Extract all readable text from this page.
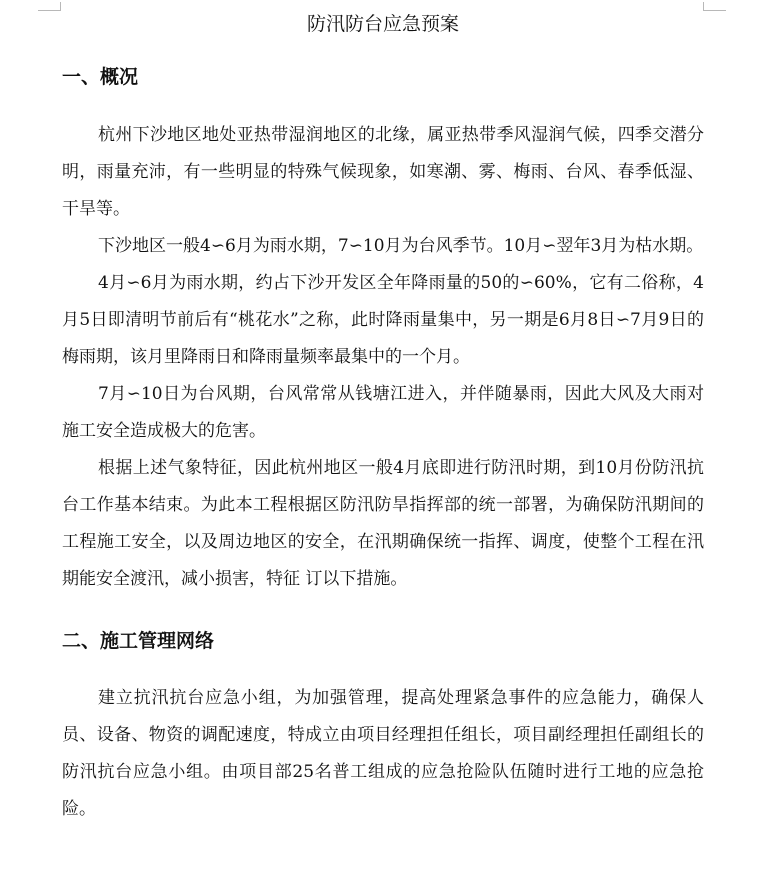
防汛防台应急预案
一、概况

杭州下沙地区地处亚热带湿润地区的北缘，属亚热带季风湿润气候，四季交潜分明，雨量充沛，有一些明显的特殊气候现象，如寒潮、雾、梅雨、台风、春季低湿、干旱等。

下沙地区一般4∽6月为雨水期，7∽10月为台风季节。10月∽翌年3月为枯水期。

4月∽6月为雨水期，约占下沙开发区全年降雨量的50的∽60%，它有二俗称，4月5日即清明节前后有“桃花水”之称，此时降雨量集中，另一期是6月8日∽7月9日的梅雨期，该月里降雨日和降雨量频率最集中的一个月。

7月∽10日为台风期，台风常常从钱塘江进入，并伴随暴雨，因此大风及大雨对施工安全造成极大的危害。

根据上述气象特征，因此杭州地区一般4月底即进行防汛时期，到10月份防汛抗台工作基本结束。为此本工程根据区防汛防旱指挥部的统一部署，为确保防汛期间的工程施工安全，以及周边地区的安全，在汛期确保统一指挥、调度，使整个工程在汛期能安全渡汛，减小损害，特征 订以下措施。

二、施工管理网络

建立抗汛抗台应急小组，为加强管理，提高处理紧急事件的应急能力，确保人员、设备、物资的调配速度，特成立由项目经理担任组长，项目副经理担任副组长的防汛抗台应急小组。由项目部25名普工组成的应急抢险队伍随时进行工地的应急抢险。
